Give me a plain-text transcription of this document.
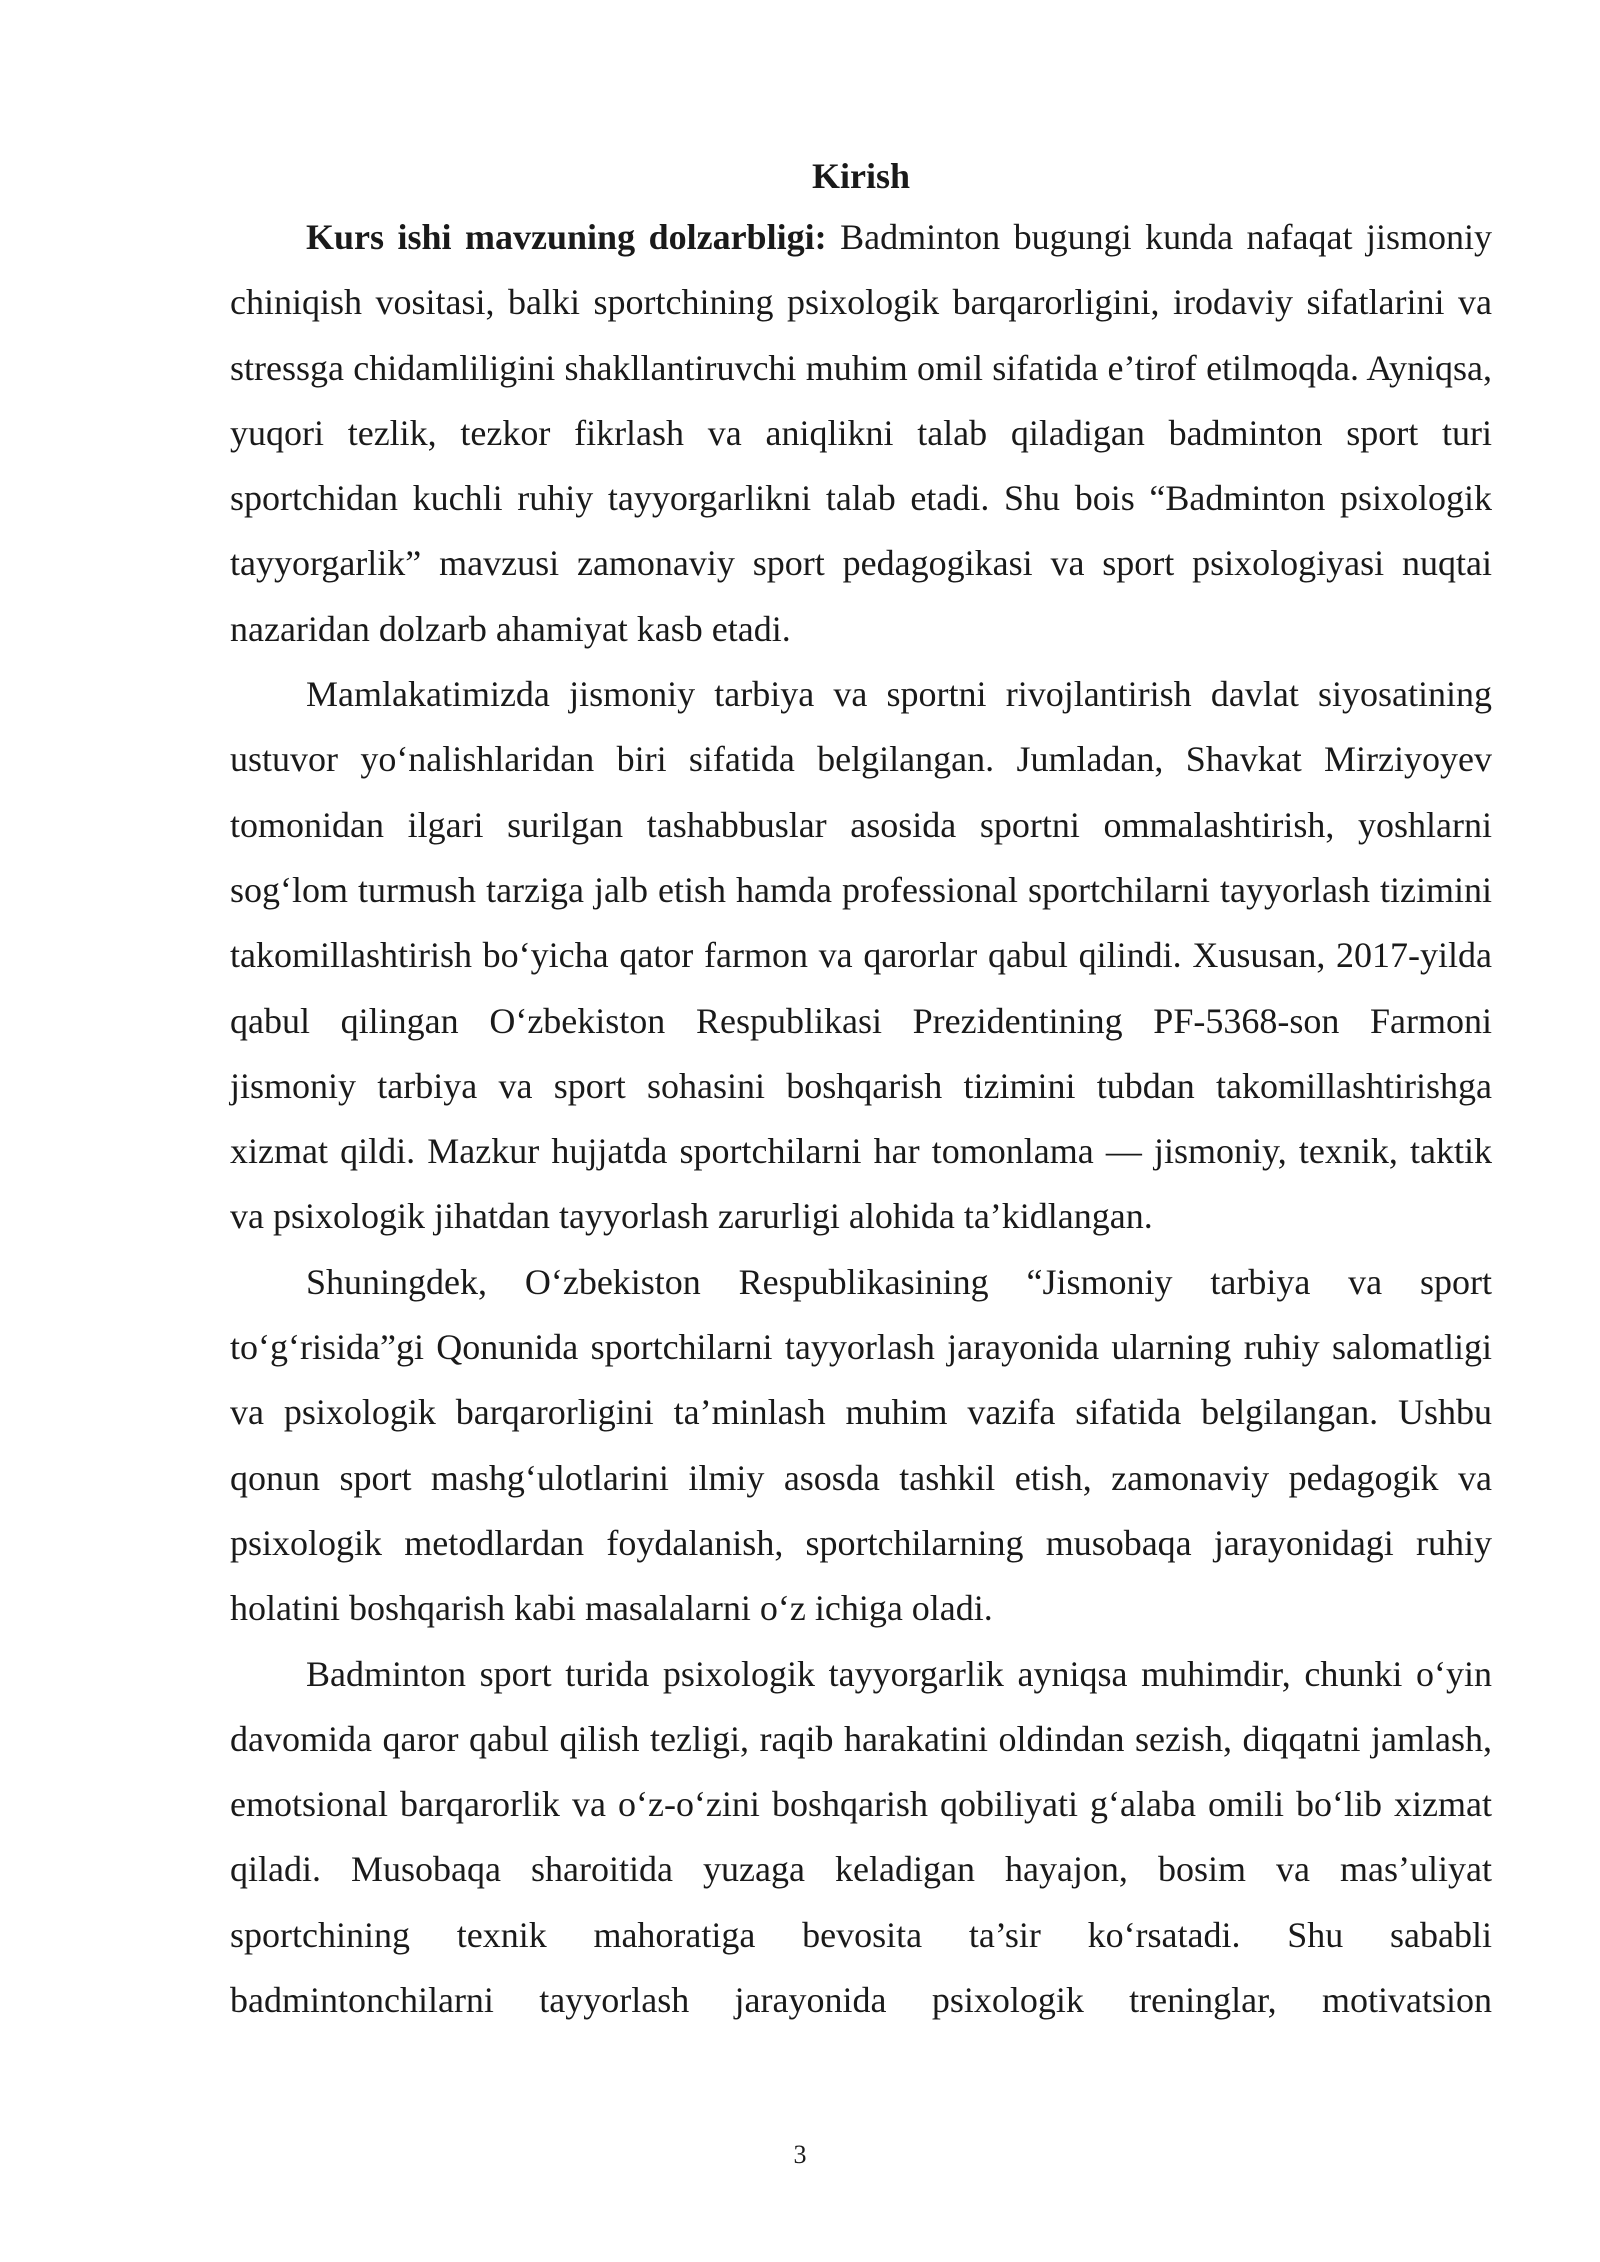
Kirish

Kurs ishi mavzuning dolzarbligi: Badminton bugungi kunda nafaqat jismoniy chiniqish vositasi, balki sportchining psixologik barqarorligini, irodaviy sifatlarini va stressga chidamliligini shakllantiruvchi muhim omil sifatida e’tirof etilmoqda. Ayniqsa, yuqori tezlik, tezkor fikrlash va aniqlikni talab qiladigan badminton sport turi sportchidan kuchli ruhiy tayyorgarlikni talab etadi. Shu bois “Badminton psixologik tayyorgarlik” mavzusi zamonaviy sport pedagogikasi va sport psixologiyasi nuqtai nazaridan dolzarb ahamiyat kasb etadi.

Mamlakatimizda jismoniy tarbiya va sportni rivojlantirish davlat siyosatining ustuvor yo‘nalishlaridan biri sifatida belgilangan. Jumladan, Shavkat Mirziyoyev tomonidan ilgari surilgan tashabbuslar asosida sportni ommalashtirish, yoshlarni sog‘lom turmush tarziga jalb etish hamda professional sportchilarni tayyorlash tizimini takomillashtirish bo‘yicha qator farmon va qarorlar qabul qilindi. Xususan, 2017-yilda qabul qilingan O‘zbekiston Respublikasi Prezidentining PF-5368-son Farmoni jismoniy tarbiya va sport sohasini boshqarish tizimini tubdan takomillashtirishga xizmat qildi. Mazkur hujjatda sportchilarni har tomonlama — jismoniy, texnik, taktik va psixologik jihatdan tayyorlash zarurligi alohida ta’kidlangan.

Shuningdek, O‘zbekiston Respublikasining “Jismoniy tarbiya va sport to‘g‘risida”gi Qonunida sportchilarni tayyorlash jarayonida ularning ruhiy salomatligi va psixologik barqarorligini ta’minlash muhim vazifa sifatida belgilangan. Ushbu qonun sport mashg‘ulotlarini ilmiy asosda tashkil etish, zamonaviy pedagogik va psixologik metodlardan foydalanish, sportchilarning musobaqa jarayonidagi ruhiy holatini boshqarish kabi masalalarni o‘z ichiga oladi.

Badminton sport turida psixologik tayyorgarlik ayniqsa muhimdir, chunki o‘yin davomida qaror qabul qilish tezligi, raqib harakatini oldindan sezish, diqqatni jamlash, emotsional barqarorlik va o‘z-o‘zini boshqarish qobiliyati g‘alaba omili bo‘lib xizmat qiladi. Musobaqa sharoitida yuzaga keladigan hayajon, bosim va mas’uliyat sportchining texnik mahoratiga bevosita ta’sir ko‘rsatadi. Shu sababli badmintonchilarni tayyorlash jarayonida psixologik treninglar, motivatsion

3
